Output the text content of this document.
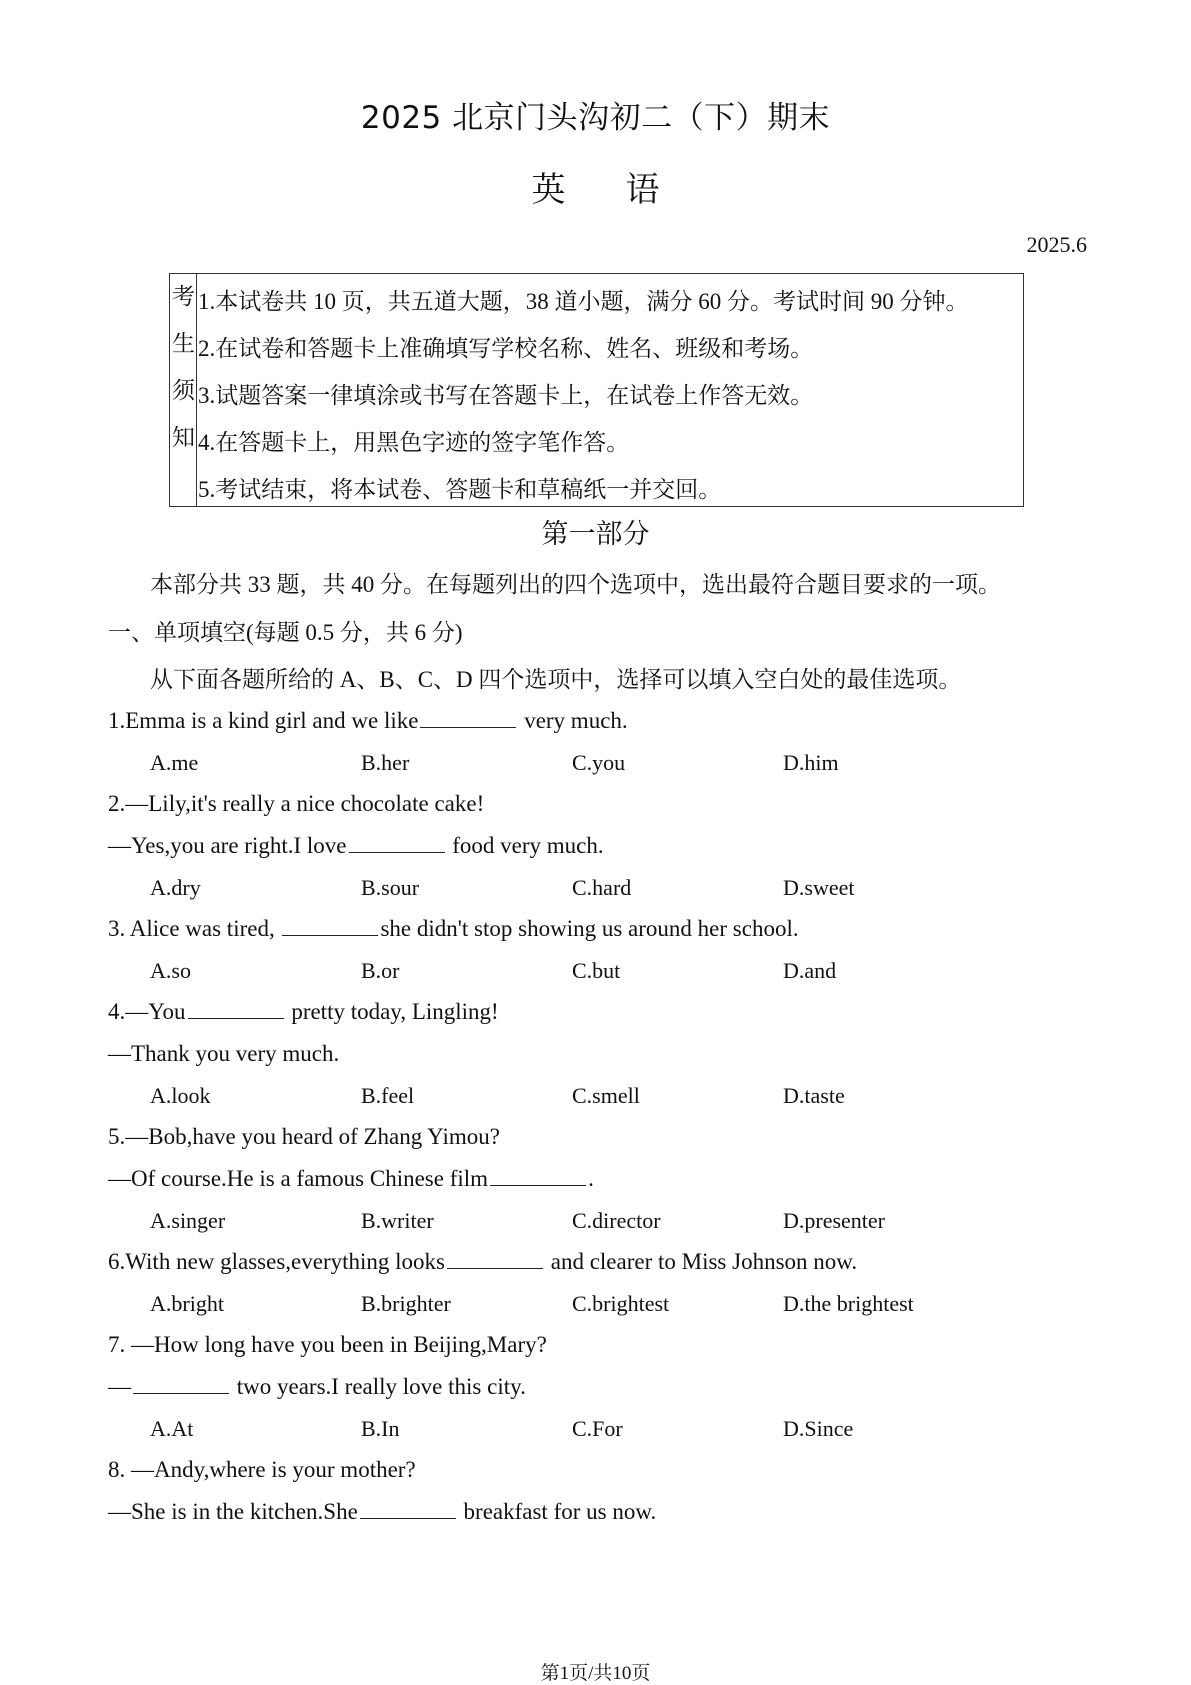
2025 北京门头沟初二（下）期末
英 语
2025.6
考
生
须
知
1.本试卷共 10 页，共五道大题，38 道小题，满分 60 分。考试时间 90 分钟。
2.在试卷和答题卡上准确填写学校名称、姓名、班级和考场。
3.试题答案一律填涂或书写在答题卡上，在试卷上作答无效。
4.在答题卡上，用黑色字迹的签字笔作答。
5.考试结束，将本试卷、答题卡和草稿纸一并交回。
第一部分
本部分共 33 题，共 40 分。在每题列出的四个选项中，选出最符合题目要求的一项。
一、单项填空(每题 0.5 分，共 6 分)
从下面各题所给的 A、B、C、D 四个选项中，选择可以填入空白处的最佳选项。
1.Emma is a kind girl and we like	very much.
A.me	B.her	C.you	D.him
2.—Lily,it's really a nice chocolate cake!
—Yes,you are right.I love	food very much.
A.dry	B.sour	C.hard	D.sweet
3. Alice was tired,	she didn't stop showing us around her school.
A.so	B.or	C.but	D.and
4.—You	pretty today, Lingling!
—Thank you very much.
A.look	B.feel	C.smell	D.taste
5.—Bob,have you heard of Zhang Yimou?
—Of course.He is a famous Chinese film	.
A.singer	B.writer	C.director	D.presenter
6.With new glasses,everything looks	and clearer to Miss Johnson now.
A.bright	B.brighter	C.brightest	D.the brightest
7. —How long have you been in Beijing,Mary?
—	two years.I really love this city.
A.At	B.In	C.For	D.Since
8. —Andy,where is your mother?
—She is in the kitchen.She	breakfast for us now.
第1页/共10页
